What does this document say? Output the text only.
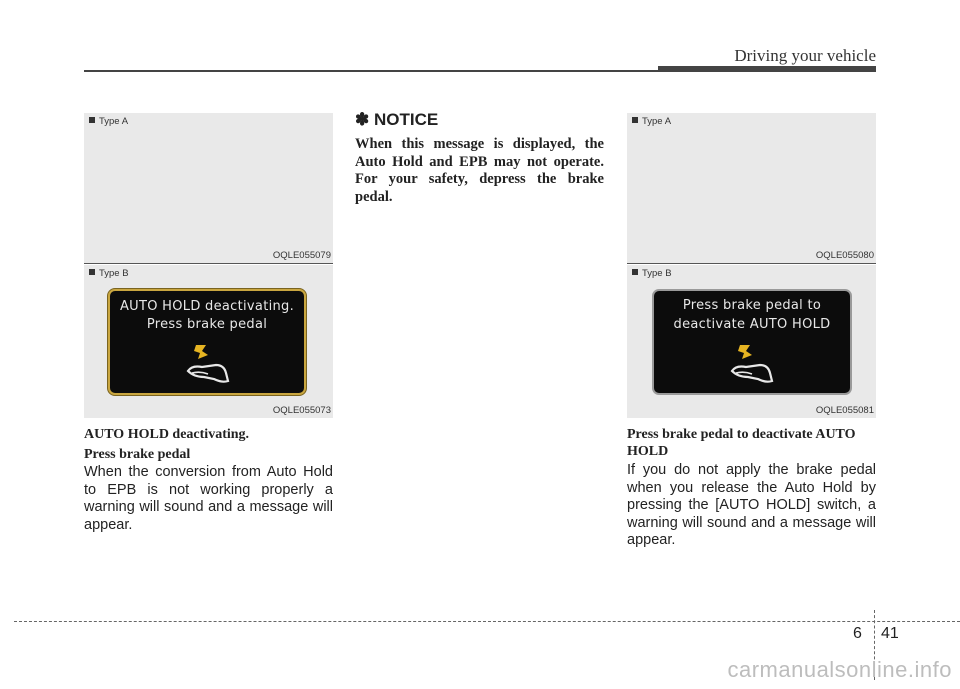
Driving your vehicle
Type A
OQLE055079
Type B
AUTO HOLD deactivating.
Press brake pedal
OQLE055073
AUTO HOLD deactivating.
Press brake pedal
When the conversion from Auto Hold to EPB is not working properly a warning will sound and a message will appear.
✽ NOTICE
When this message is displayed, the Auto Hold and EPB may not operate. For your safety, depress the brake pedal.
Type A
OQLE055080
Type B
Press brake pedal to
deactivate AUTO HOLD
OQLE055081
Press brake pedal to deactivate AUTO HOLD
If you do not apply the brake pedal when you release the Auto Hold by pressing the [AUTO HOLD] switch, a warning will sound and a message will appear.
6 41
carmanualsonline.info
